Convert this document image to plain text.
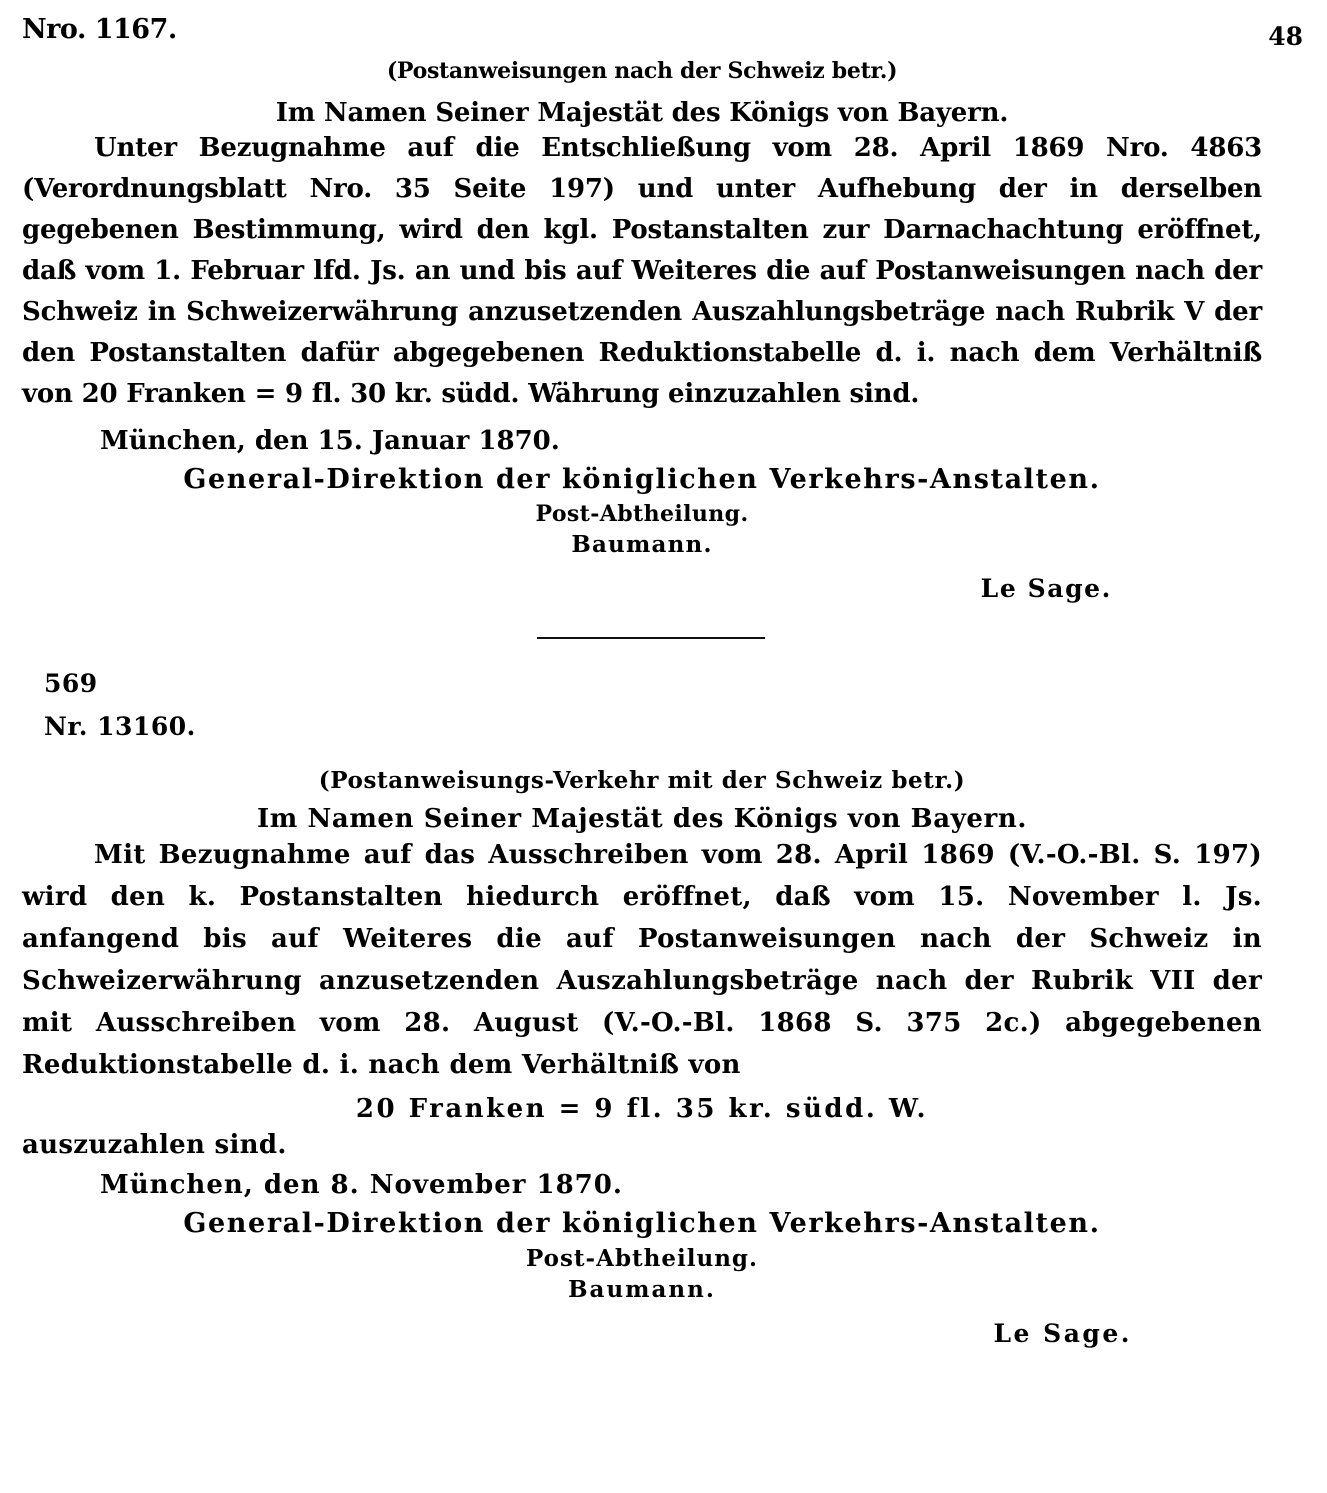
Nro. 1167.	48
(Postanweisungen nach der Schweiz betr.)
Im Namen Seiner Majestät des Königs von Bayern.

Unter Bezugnahme auf die Entschließung vom 28. April 1869 Nro. 4863 (Verordnungsblatt Nro. 35 Seite 197) und unter Aufhebung der in derselben gegebenen Bestimmung, wird den kgl. Postanstalten zur Darnachachtung eröffnet, daß vom 1. Februar lfd. Js. an und bis auf Weiteres die auf Postanweisungen nach der Schweiz in Schweizerwährung anzusetzenden Auszahlungsbeträge nach Rubrik V der den Postanstalten dafür abgegebenen Reduktionstabelle d. i. nach dem Verhältniß von 20 Franken = 9 fl. 30 kr. südd. Währung einzuzahlen sind.

München, den 15. Januar 1870.
General-Direktion der königlichen Verkehrs-Anstalten.
Post-Abtheilung.
Baumann.
Le Sage.
569
Nr. 13160.
(Postanweisungs-Verkehr mit der Schweiz betr.)
Im Namen Seiner Majestät des Königs von Bayern.

Mit Bezugnahme auf das Ausschreiben vom 28. April 1869 (V.-O.-Bl. S. 197) wird den k. Postanstalten hiedurch eröffnet, daß vom 15. November l. Js. anfangend bis auf Weiteres die auf Postanweisungen nach der Schweiz in Schweizerwährung anzusetzenden Auszahlungsbeträge nach der Rubrik VII der mit Ausschreiben vom 28. August (V.-O.-Bl. 1868 S. 375 2c.) abgegebenen Reduktionstabelle d. i. nach dem Verhältniß von

20 Franken = 9 fl. 35 kr. südd. W.

auszuzahlen sind.

München, den 8. November 1870.
General-Direktion der königlichen Verkehrs-Anstalten.
Post-Abtheilung.
Baumann.
Le Sage.
